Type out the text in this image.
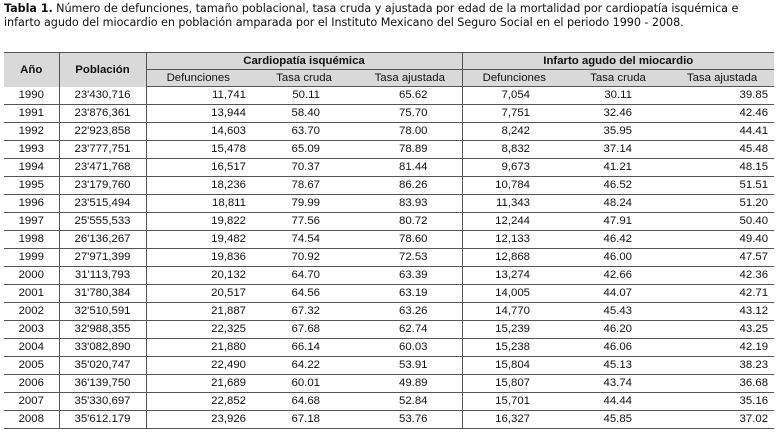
Tabla 1. Número de defunciones, tamaño poblacional, tasa cruda y ajustada por edad de la mortalidad por cardiopatía isquémica e infarto agudo del miocardio en población amparada por el Instituto Mexicano del Seguro Social en el periodo 1990 - 2008.
Año	Población	Cardiopatía isquémica			Infarto agudo del miocardio		
		Defunciones	Tasa cruda	Tasa ajustada	Defunciones	Tasa cruda	Tasa ajustada
1990	23'430,716	11,741	50.11	65.62	7,054	30.11	39.85
1991	23'876,361	13,944	58.40	75.70	7,751	32.46	42.46
1992	22'923,858	14,603	63.70	78.00	8,242	35.95	44.41
1993	23'777,751	15,478	65.09	78.89	8,832	37.14	45.48
1994	23'471,768	16,517	70.37	81.44	9,673	41.21	48.15
1995	23'179,760	18,236	78.67	86.26	10,784	46.52	51.51
1996	23'515,494	18,811	79.99	83.93	11,343	48.24	51.20
1997	25'555,533	19,822	77.56	80.72	12,244	47.91	50.40
1998	26'136,267	19,482	74.54	78.60	12,133	46.42	49.40
1999	27'971,399	19,836	70.92	72.53	12,868	46.00	47.57
2000	31'113,793	20,132	64.70	63.39	13,274	42.66	42.36
2001	31'780,384	20,517	64.56	63.19	14,005	44.07	42.71
2002	32'510,591	21,887	67.32	63.26	14,770	45.43	43.12
2003	32'988,355	22,325	67.68	62.74	15,239	46.20	43.25
2004	33'082,890	21,880	66.14	60.03	15,238	46.06	42.19
2005	35'020,747	22,490	64.22	53.91	15,804	45.13	38.23
2006	36'139,750	21,689	60.01	49.89	15,807	43.74	36.68
2007	35'330,697	22,852	64.68	52.84	15,701	44.44	35.16
2008	35'612.179	23,926	67.18	53.76	16,327	45.85	37.02
